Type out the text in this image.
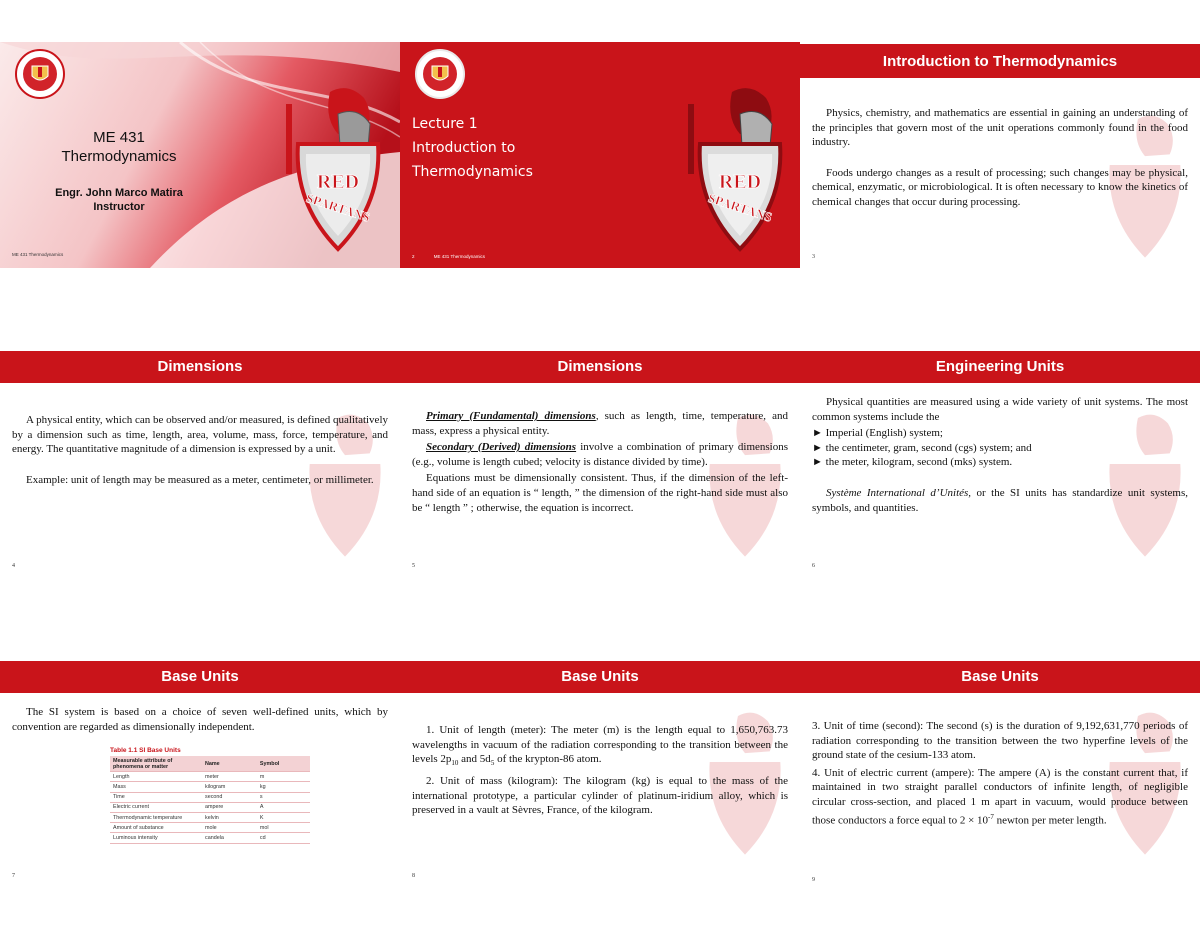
ME 431
Thermodynamics
Engr. John Marco Matira
Instructor
ME 431 Thermodynamics
RED
SPARTANS
Lecture 1
Introduction to
Thermodynamics
2	ME 431 Thermodynamics
RED
SPARTANS
Introduction to Thermodynamics

Physics, chemistry, and mathematics are essential in gaining an understanding of the principles that govern most of the unit operations commonly found in the food industry.

Foods undergo changes as a result of processing; such changes may be physical, chemical, enzymatic, or microbiological. It is often necessary to know the kinetics of chemical changes that occur during processing.

3
Dimensions

A physical entity, which can be observed and/or measured, is defined qualitatively by a dimension such as time, length, area, volume, mass, force, temperature, and energy. The quantitative magnitude of a dimension is expressed by a unit.

Example: unit of length may be measured as a meter, centimeter, or millimeter.

4
Dimensions

Primary (Fundamental) dimensions, such as length, time, temperature, and mass, express a physical entity.

Secondary (Derived) dimensions involve a combination of primary dimensions (e.g., volume is length cubed; velocity is distance divided by time).

Equations must be dimensionally consistent. Thus, if the dimension of the left-hand side of an equation is “ length, ” the dimension of the right-hand side must also be “ length ” ; otherwise, the equation is incorrect.

5
Engineering Units

Physical quantities are measured using a wide variety of unit systems. The most common systems include the

► Imperial (English) system;

► the centimeter, gram, second (cgs) system; and

► the meter, kilogram, second (mks) system.

Système International d’Unités, or the SI units has standardize unit systems, symbols, and quantities.

6
Base Units

The SI system is based on a choice of seven well-defined units, which by convention are regarded as dimensionally independent.

Table 1.1 SI Base Units
Measurable attribute of phenomena or matter	Name	Symbol
Length	meter	m
Mass	kilogram	kg
Time	second	s
Electric current	ampere	A
Thermodynamic temperature	kelvin	K
Amount of substance	mole	mol
Luminous intensity	candela	cd
7
Base Units

1. Unit of length (meter): The meter (m) is the length equal to 1,650,763.73 wavelengths in vacuum of the radiation corresponding to the transition between the levels $2p_{10}$ and $5d_5$ of the krypton-86 atom.

2. Unit of mass (kilogram): The kilogram (kg) is equal to the mass of the international prototype, a particular cylinder of platinum-iridium alloy, which is preserved in a vault at Sèvres, France, of the kilogram.

8
Base Units

3. Unit of time (second): The second (s) is the duration of 9,192,631,770 periods of radiation corresponding to the transition between the two hyperfine levels of the ground state of the cesium-133 atom.

4. Unit of electric current (ampere): The ampere (A) is the constant current that, if maintained in two straight parallel conductors of infinite length, of negligible circular cross-section, and placed 1 m apart in vacuum, would produce between those conductors a force equal to $2 \times 10^{-7}$ newton per meter length.

9
